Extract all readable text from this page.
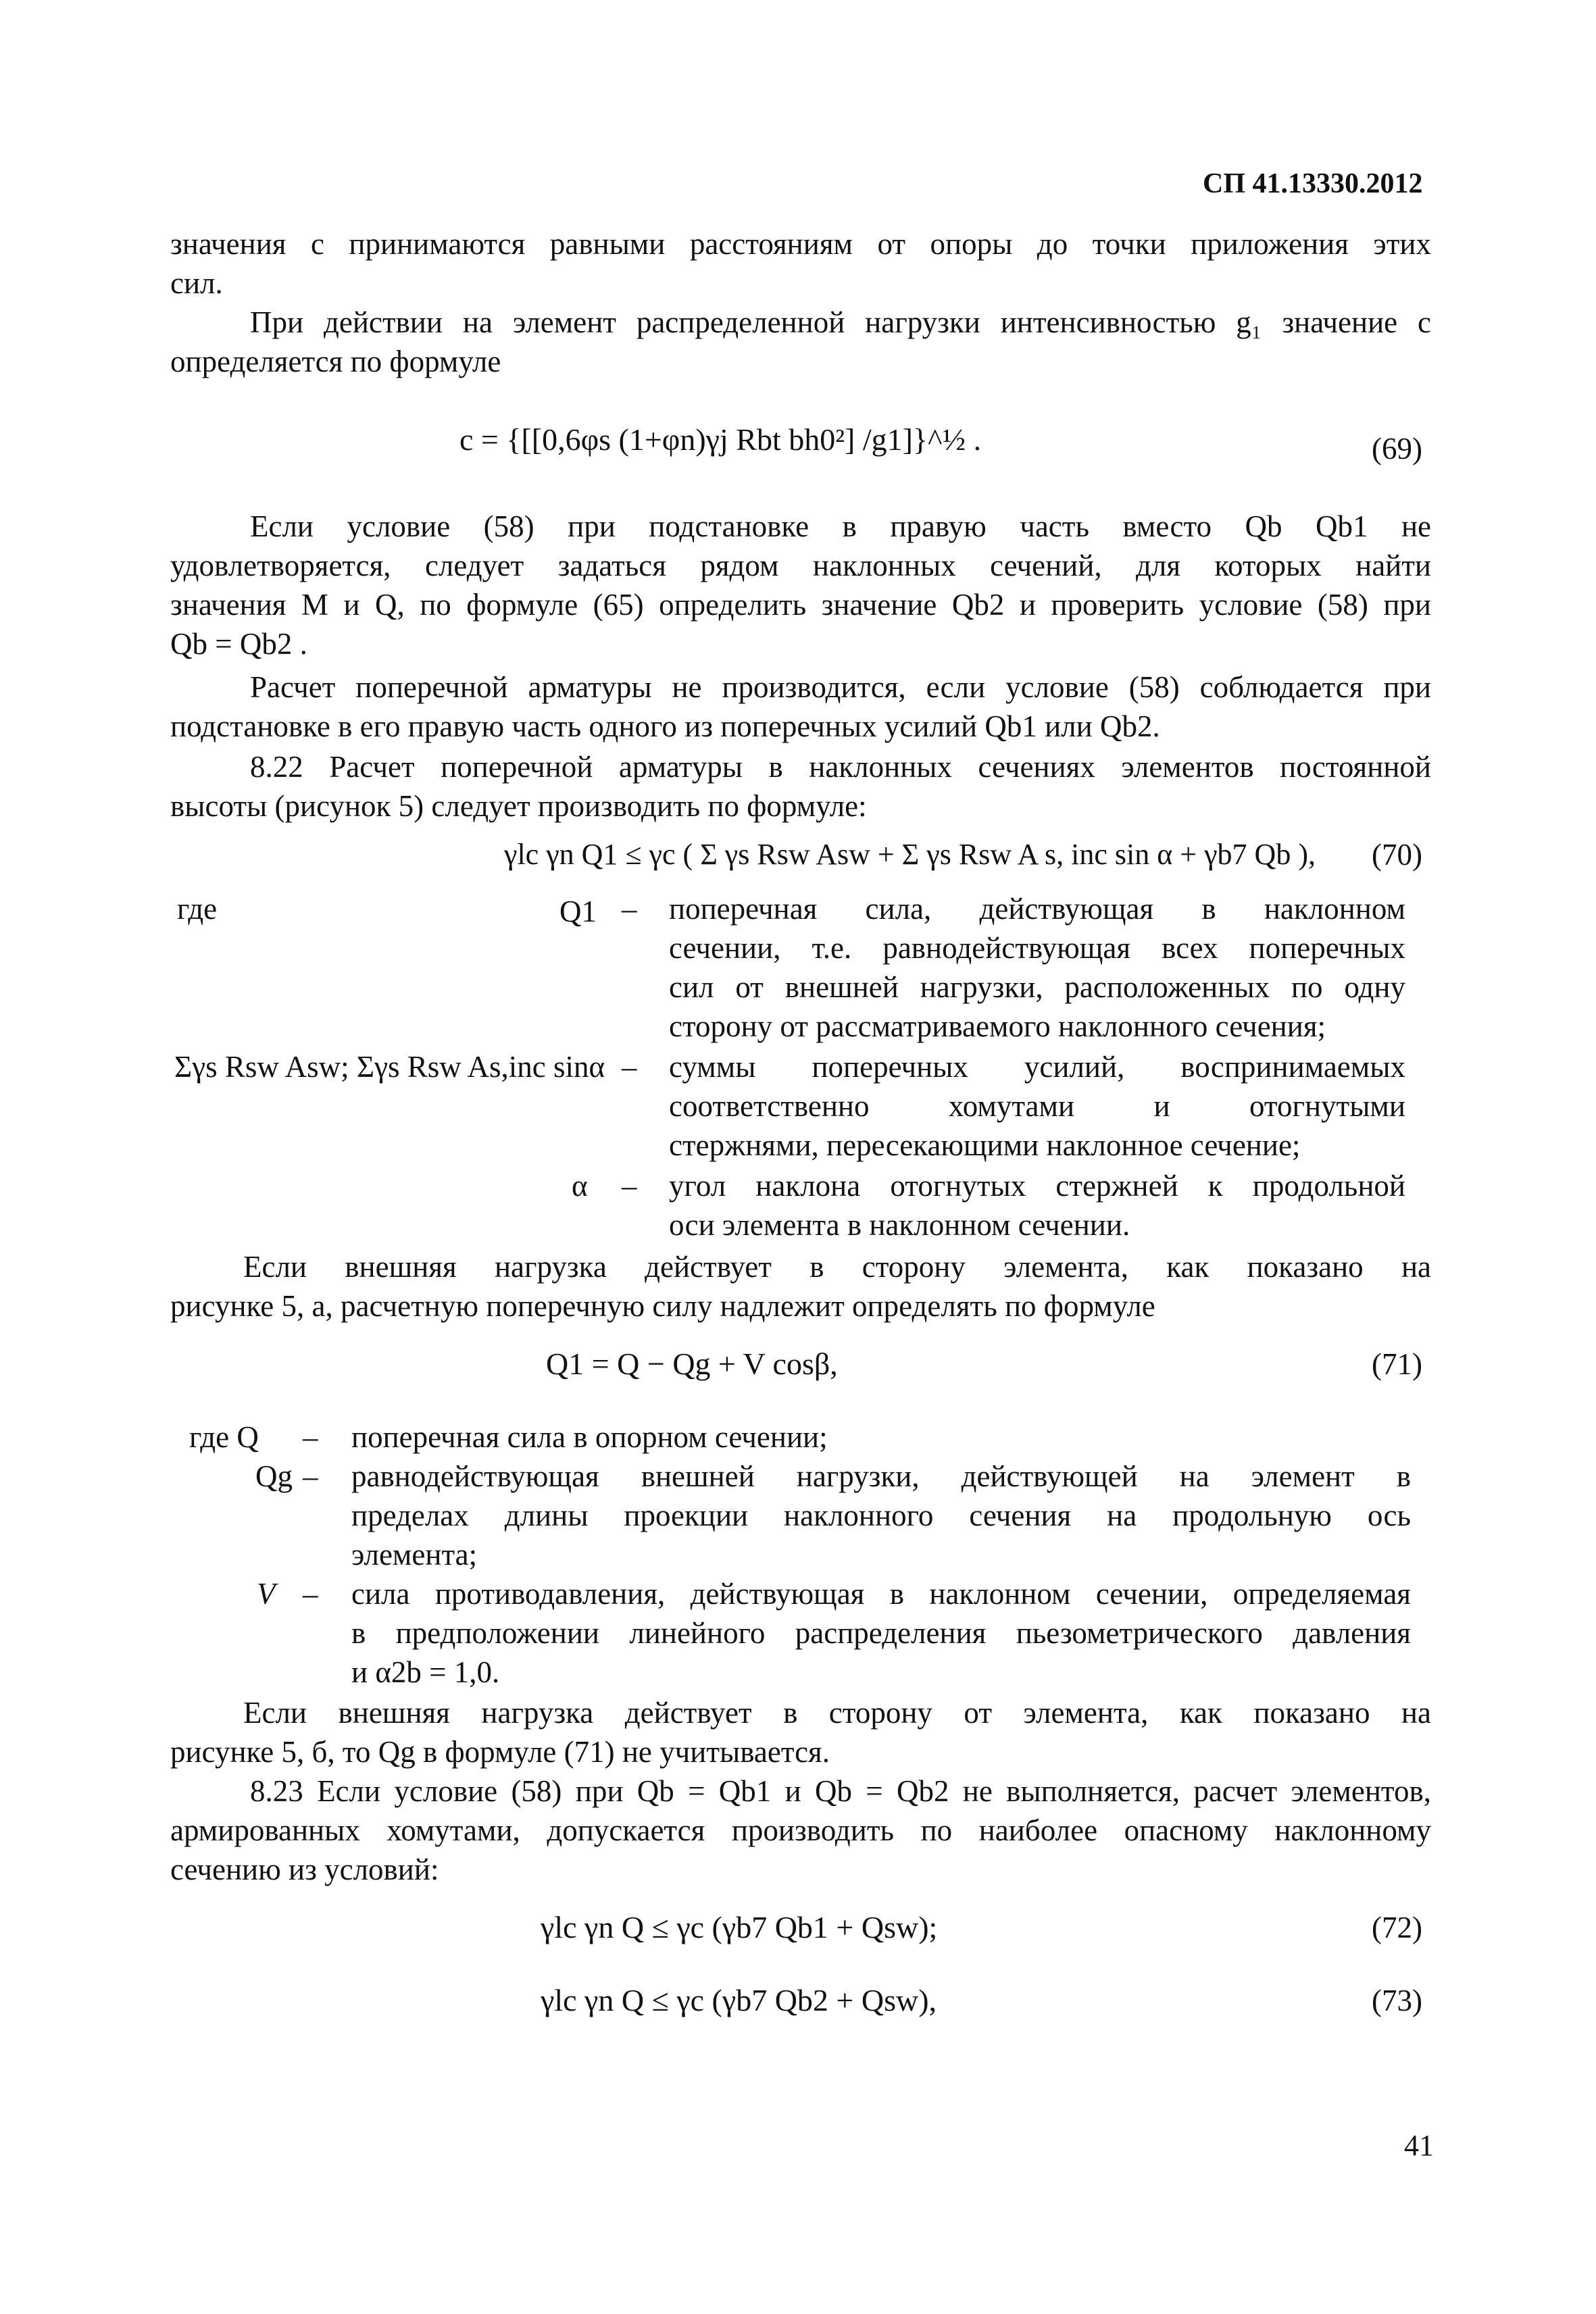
СП 41.13330.2012
значения c принимаются равными расстояниям от опоры до точки приложения этих
сил.
При действии на элемент распределенной нагрузки интенсивностью g₁ значение c
определяется по формуле
c = {[[0,6φs (1+φn)γj Rbt bh0²] /g1]}^½ .	(69)
Если условие (58) при подстановке в правую часть вместо Qb Qb1 не
удовлетворяется, следует задаться рядом наклонных сечений, для которых найти
значения M и Q, по формуле (65) определить значение Qb2 и проверить условие (58) при
Qb = Qb2 .
Расчет поперечной арматуры не производится, если условие (58) соблюдается при
подстановке в его правую часть одного из поперечных усилий Qb1 или Qb2.
8.22 Расчет поперечной арматуры в наклонных сечениях элементов постоянной
высоты (рисунок 5) следует производить по формуле:
γlc γn Q1 ≤ γc ( Σ γs Rsw Asw + Σ γs Rsw A s, inc sin α + γb7 Qb ), (70)
где	Q1 – поперечная сила, действующая в наклонном
сечении, т.е. равнодействующая всех поперечных
сил от внешней нагрузки, расположенных по одну
сторону от рассматриваемого наклонного сечения;
Σγs Rsw Asw; Σγs Rsw As,inc sinα – суммы поперечных усилий, воспринимаемых
соответственно хомутами и отогнутыми
стержнями, пересекающими наклонное сечение;
α – угол наклона отогнутых стержней к продольной
оси элемента в наклонном сечении.
Если внешняя нагрузка действует в сторону элемента, как показано на
рисунке 5, а, расчетную поперечную силу надлежит определять по формуле
Q1 = Q − Qg + V cosβ,	(71)
где Q – поперечная сила в опорном сечении;
Qg – равнодействующая внешней нагрузки, действующей на элемент в
пределах длины проекции наклонного сечения на продольную ось
элемента;
V – сила противодавления, действующая в наклонном сечении, определяемая
в предположении линейного распределения пьезометрического давления
и α2b = 1,0.
Если внешняя нагрузка действует в сторону от элемента, как показано на
рисунке 5, б, то Qg в формуле (71) не учитывается.
8.23 Если условие (58) при Qb = Qb1 и Qb = Qb2 не выполняется, расчет элементов,
армированных хомутами, допускается производить по наиболее опасному наклонному
сечению из условий:
γlc γn Q ≤ γc (γb7 Qb1 + Qsw);	(72)
γlc γn Q ≤ γc (γb7 Qb2 + Qsw),	(73)
41
